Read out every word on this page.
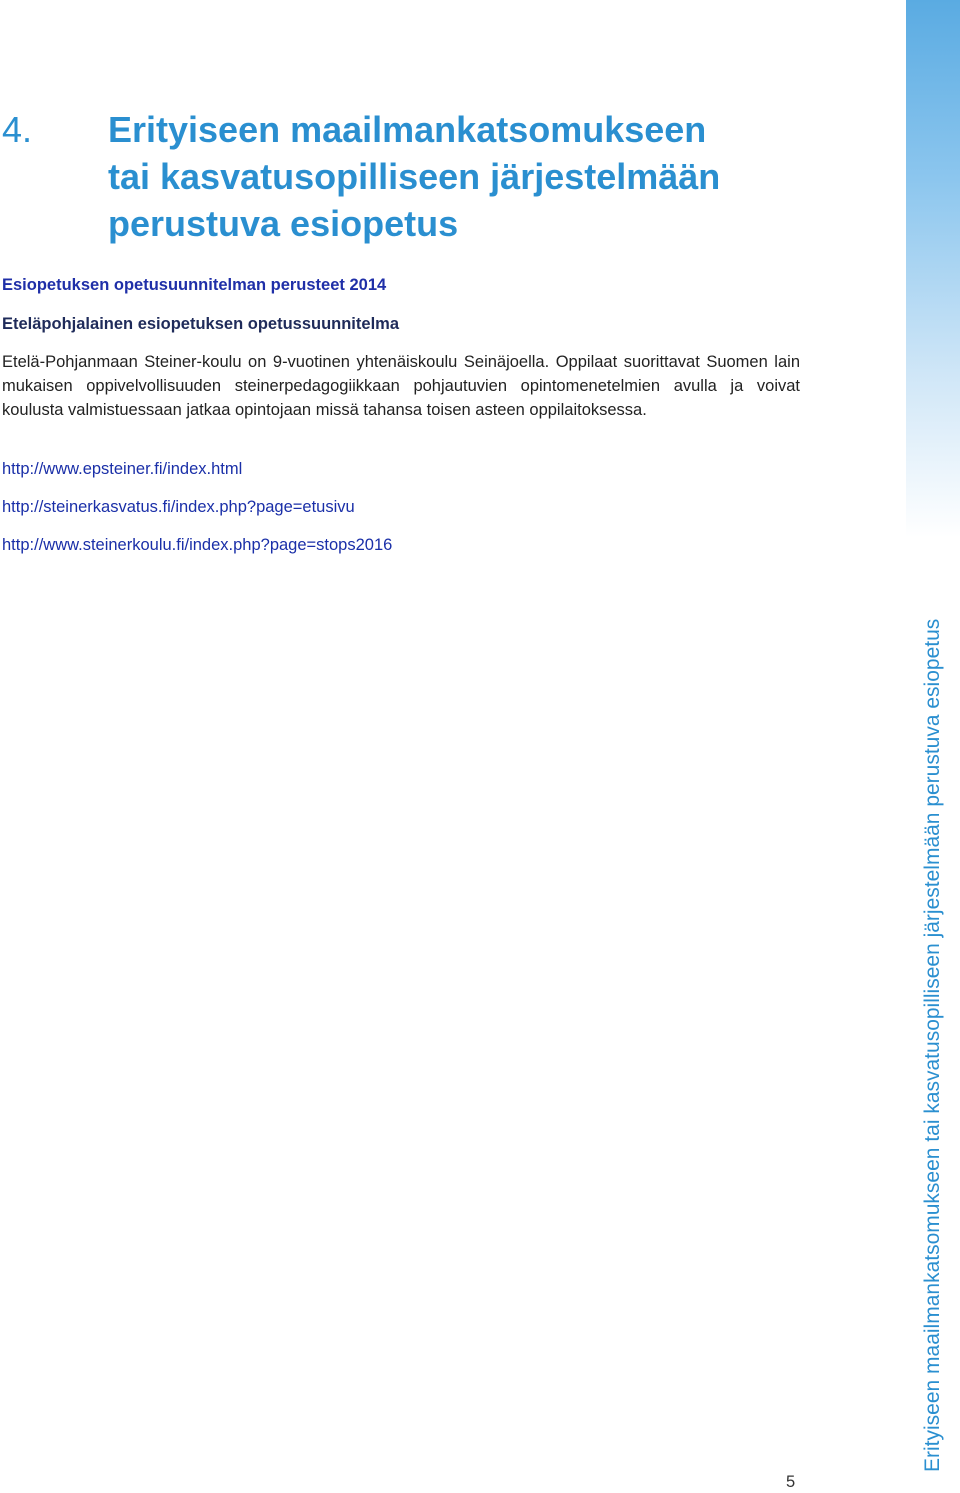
Erityiseen maailmankatsomukseen tai kasvatusopilliseen järjestelmään perustuva esiopetus
4. Erityiseen maailmankatsomukseen
tai kasvatusopilliseen järjestelmään
perustuva esiopetus
Esiopetuksen opetusuunnitelman perusteet 2014
Eteläpohjalainen esiopetuksen opetussuunnitelma
Etelä-Pohjanmaan Steiner-koulu on 9-vuotinen yhtenäiskoulu Seinäjoella. Oppilaat suorittavat Suomen lain mukaisen oppivelvollisuuden steinerpedagogiikkaan pohjautuvien opintomenetelmien avulla ja voivat koulusta valmistuessaan jatkaa opintojaan missä tahansa toisen asteen oppilaitoksessa.
http://www.epsteiner.fi/index.html
http://steinerkasvatus.fi/index.php?page=etusivu
http://www.steinerkoulu.fi/index.php?page=stops2016
5
